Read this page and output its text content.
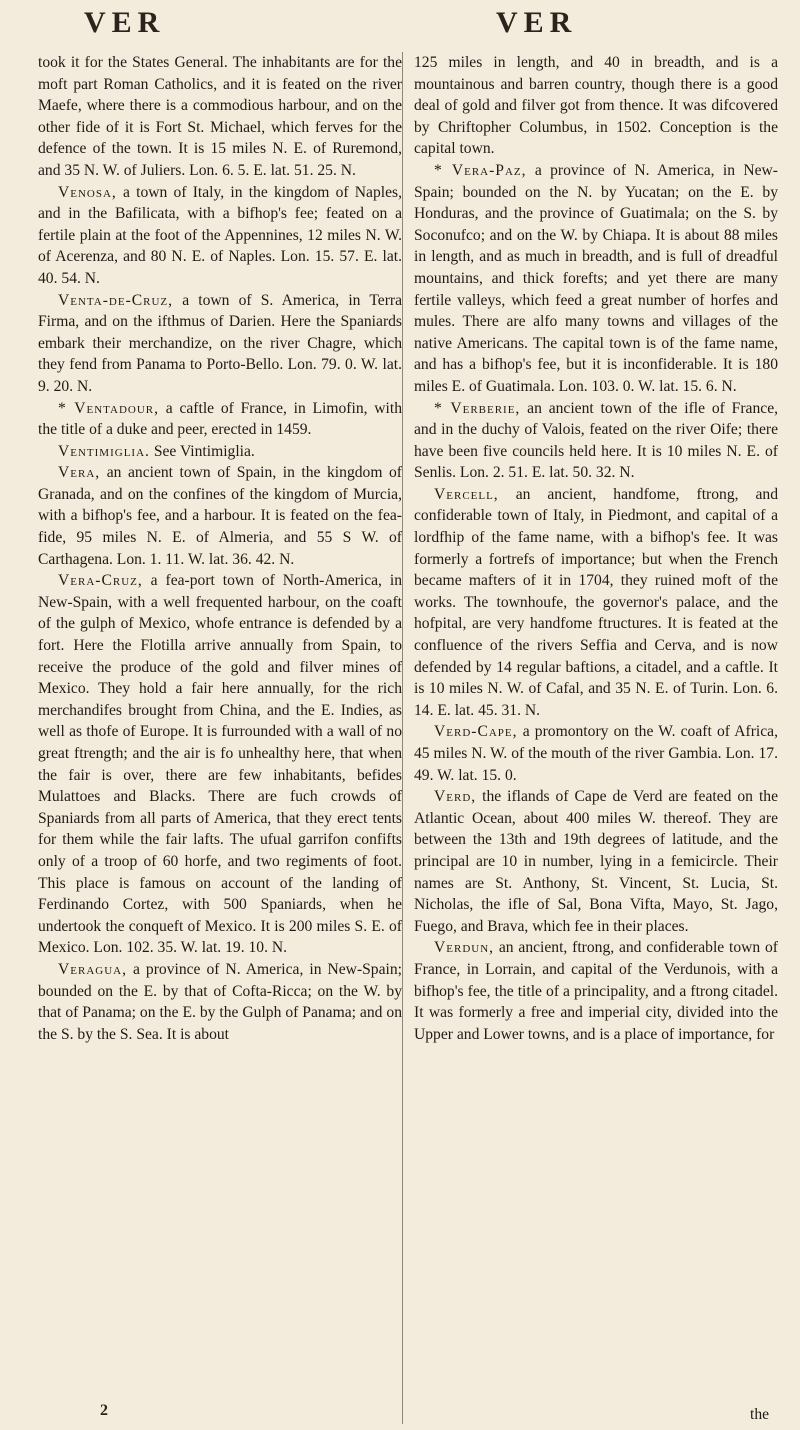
VER	VER

took it for the States General. The inhabitants are for the moft part Roman Catholics, and it is feated on the river Maefe, where there is a commodious harbour, and on the other fide of it is Fort St. Michael, which ferves for the defence of the town. It is 15 miles N. E. of Ruremond, and 35 N. W. of Juliers. Lon. 6. 5. E. lat. 51. 25. N.

Venosa, a town of Italy, in the kingdom of Naples, and in the Bafilicata, with a bifhop's fee; feated on a fertile plain at the foot of the Appennines, 12 miles N. W. of Acerenza, and 80 N. E. of Naples. Lon. 15. 57. E. lat. 40. 54. N.

Venta-de-Cruz, a town of S. America, in Terra Firma, and on the ifthmus of Darien. Here the Spaniards embark their merchandize, on the river Chagre, which they fend from Panama to Porto-Bello. Lon. 79. 0. W. lat. 9. 20. N.

* Ventadour, a caftle of France, in Limofin, with the title of a duke and peer, erected in 1459.

Ventimiglia. See Vintimiglia.

Vera, an ancient town of Spain, in the kingdom of Granada, and on the confines of the kingdom of Murcia, with a bifhop's fee, and a harbour. It is feated on the fea-fide, 95 miles N. E. of Almeria, and 55 S W. of Carthagena. Lon. 1. 11. W. lat. 36. 42. N.

Vera-Cruz, a fea-port town of North-America, in New-Spain, with a well frequented harbour, on the coaft of the gulph of Mexico, whofe entrance is defended by a fort. Here the Flotilla arrive annually from Spain, to receive the produce of the gold and filver mines of Mexico. They hold a fair here annually, for the rich merchandifes brought from China, and the E. Indies, as well as thofe of Europe. It is furrounded with a wall of no great ftrength; and the air is fo unhealthy here, that when the fair is over, there are few inhabitants, befides Mulattoes and Blacks. There are fuch crowds of Spaniards from all parts of America, that they erect tents for them while the fair lafts. The ufual garrifon confifts only of a troop of 60 horfe, and two regiments of foot. This place is famous on account of the landing of Ferdinando Cortez, with 500 Spaniards, when he undertook the conqueft of Mexico. It is 200 miles S. E. of Mexico. Lon. 102. 35. W. lat. 19. 10. N.

Veragua, a province of N. America, in New-Spain; bounded on the E. by that of Cofta-Ricca; on the W. by that of Panama; on the E. by the Gulph of Panama; and on the S. by the S. Sea. It is about

125 miles in length, and 40 in breadth, and is a mountainous and barren country, though there is a good deal of gold and filver got from thence. It was difcovered by Chriftopher Columbus, in 1502. Conception is the capital town.

* Vera-Paz, a province of N. America, in New-Spain; bounded on the N. by Yucatan; on the E. by Honduras, and the province of Guatimala; on the S. by Soconufco; and on the W. by Chiapa. It is about 88 miles in length, and as much in breadth, and is full of dreadful mountains, and thick forefts; and yet there are many fertile valleys, which feed a great number of horfes and mules. There are alfo many towns and villages of the native Americans. The capital town is of the fame name, and has a bifhop's fee, but it is inconfiderable. It is 180 miles E. of Guatimala. Lon. 103. 0. W. lat. 15. 6. N.

* Verberie, an ancient town of the ifle of France, and in the duchy of Valois, feated on the river Oife; there have been five councils held here. It is 10 miles N. E. of Senlis. Lon. 2. 51. E. lat. 50. 32. N.

Vercell, an ancient, handfome, ftrong, and confiderable town of Italy, in Piedmont, and capital of a lordfhip of the fame name, with a bifhop's fee. It was formerly a fortrefs of importance; but when the French became mafters of it in 1704, they ruined moft of the works. The townhoufe, the governor's palace, and the hofpital, are very handfome ftructures. It is feated at the confluence of the rivers Seffia and Cerva, and is now defended by 14 regular baftions, a citadel, and a caftle. It is 10 miles N. W. of Cafal, and 35 N. E. of Turin. Lon. 6. 14. E. lat. 45. 31. N.

Verd-Cape, a promontory on the W. coaft of Africa, 45 miles N. W. of the mouth of the river Gambia. Lon. 17. 49. W. lat. 15. 0.

Verd, the iflands of Cape de Verd are feated on the Atlantic Ocean, about 400 miles W. thereof. They are between the 13th and 19th degrees of latitude, and the principal are 10 in number, lying in a femicircle. Their names are St. Anthony, St. Vincent, St. Lucia, St. Nicholas, the ifle of Sal, Bona Vifta, Mayo, St. Jago, Fuego, and Brava, which fee in their places.

Verdun, an ancient, ftrong, and confiderable town of France, in Lorrain, and capital of the Verdunois, with a bifhop's fee, the title of a principality, and a ftrong citadel. It was formerly a free and imperial city, divided into the Upper and Lower towns, and is a place of importance, for

2	the
